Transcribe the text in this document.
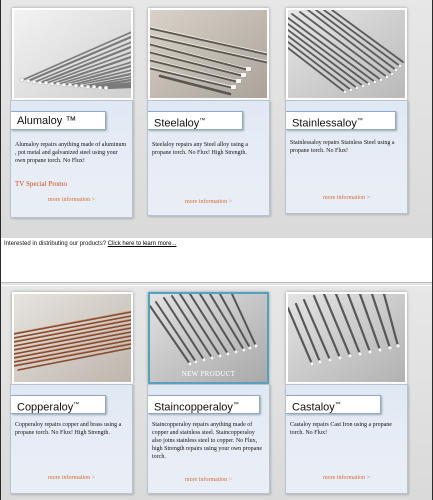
Alumaloy ™
Alumaloy repairs anything made of aluminum , pot metal and galvanized steel using your own propane torch. No Flux!
TV Special Promo
more information >
Steelaloy™
Steelaloy repairs any Steel alloy using a propane torch. No Flux! High Strength.
more information >
Stainlessaloy™
Stainlessaloy repairs Stainless Steel using a propane torch. No Flux!
more information >
Interested in distributing our products? Click here to learn more...
NEW PRODUCT
Copperaloy™
Copperaloy repairs copper and brass using a propane torch. No Flux! High Strength.
more information >
Staincopperaloy™
Staincopperaloy repairs anything made of copper and stainless steel. Staincopperaloy also joins stainless steel to copper. No Flux, high Strength repairs using your own propane torch.
more information >
Castaloy™
Castaloy repairs Cast Iron using a propane torch. No Flux!
more information >
